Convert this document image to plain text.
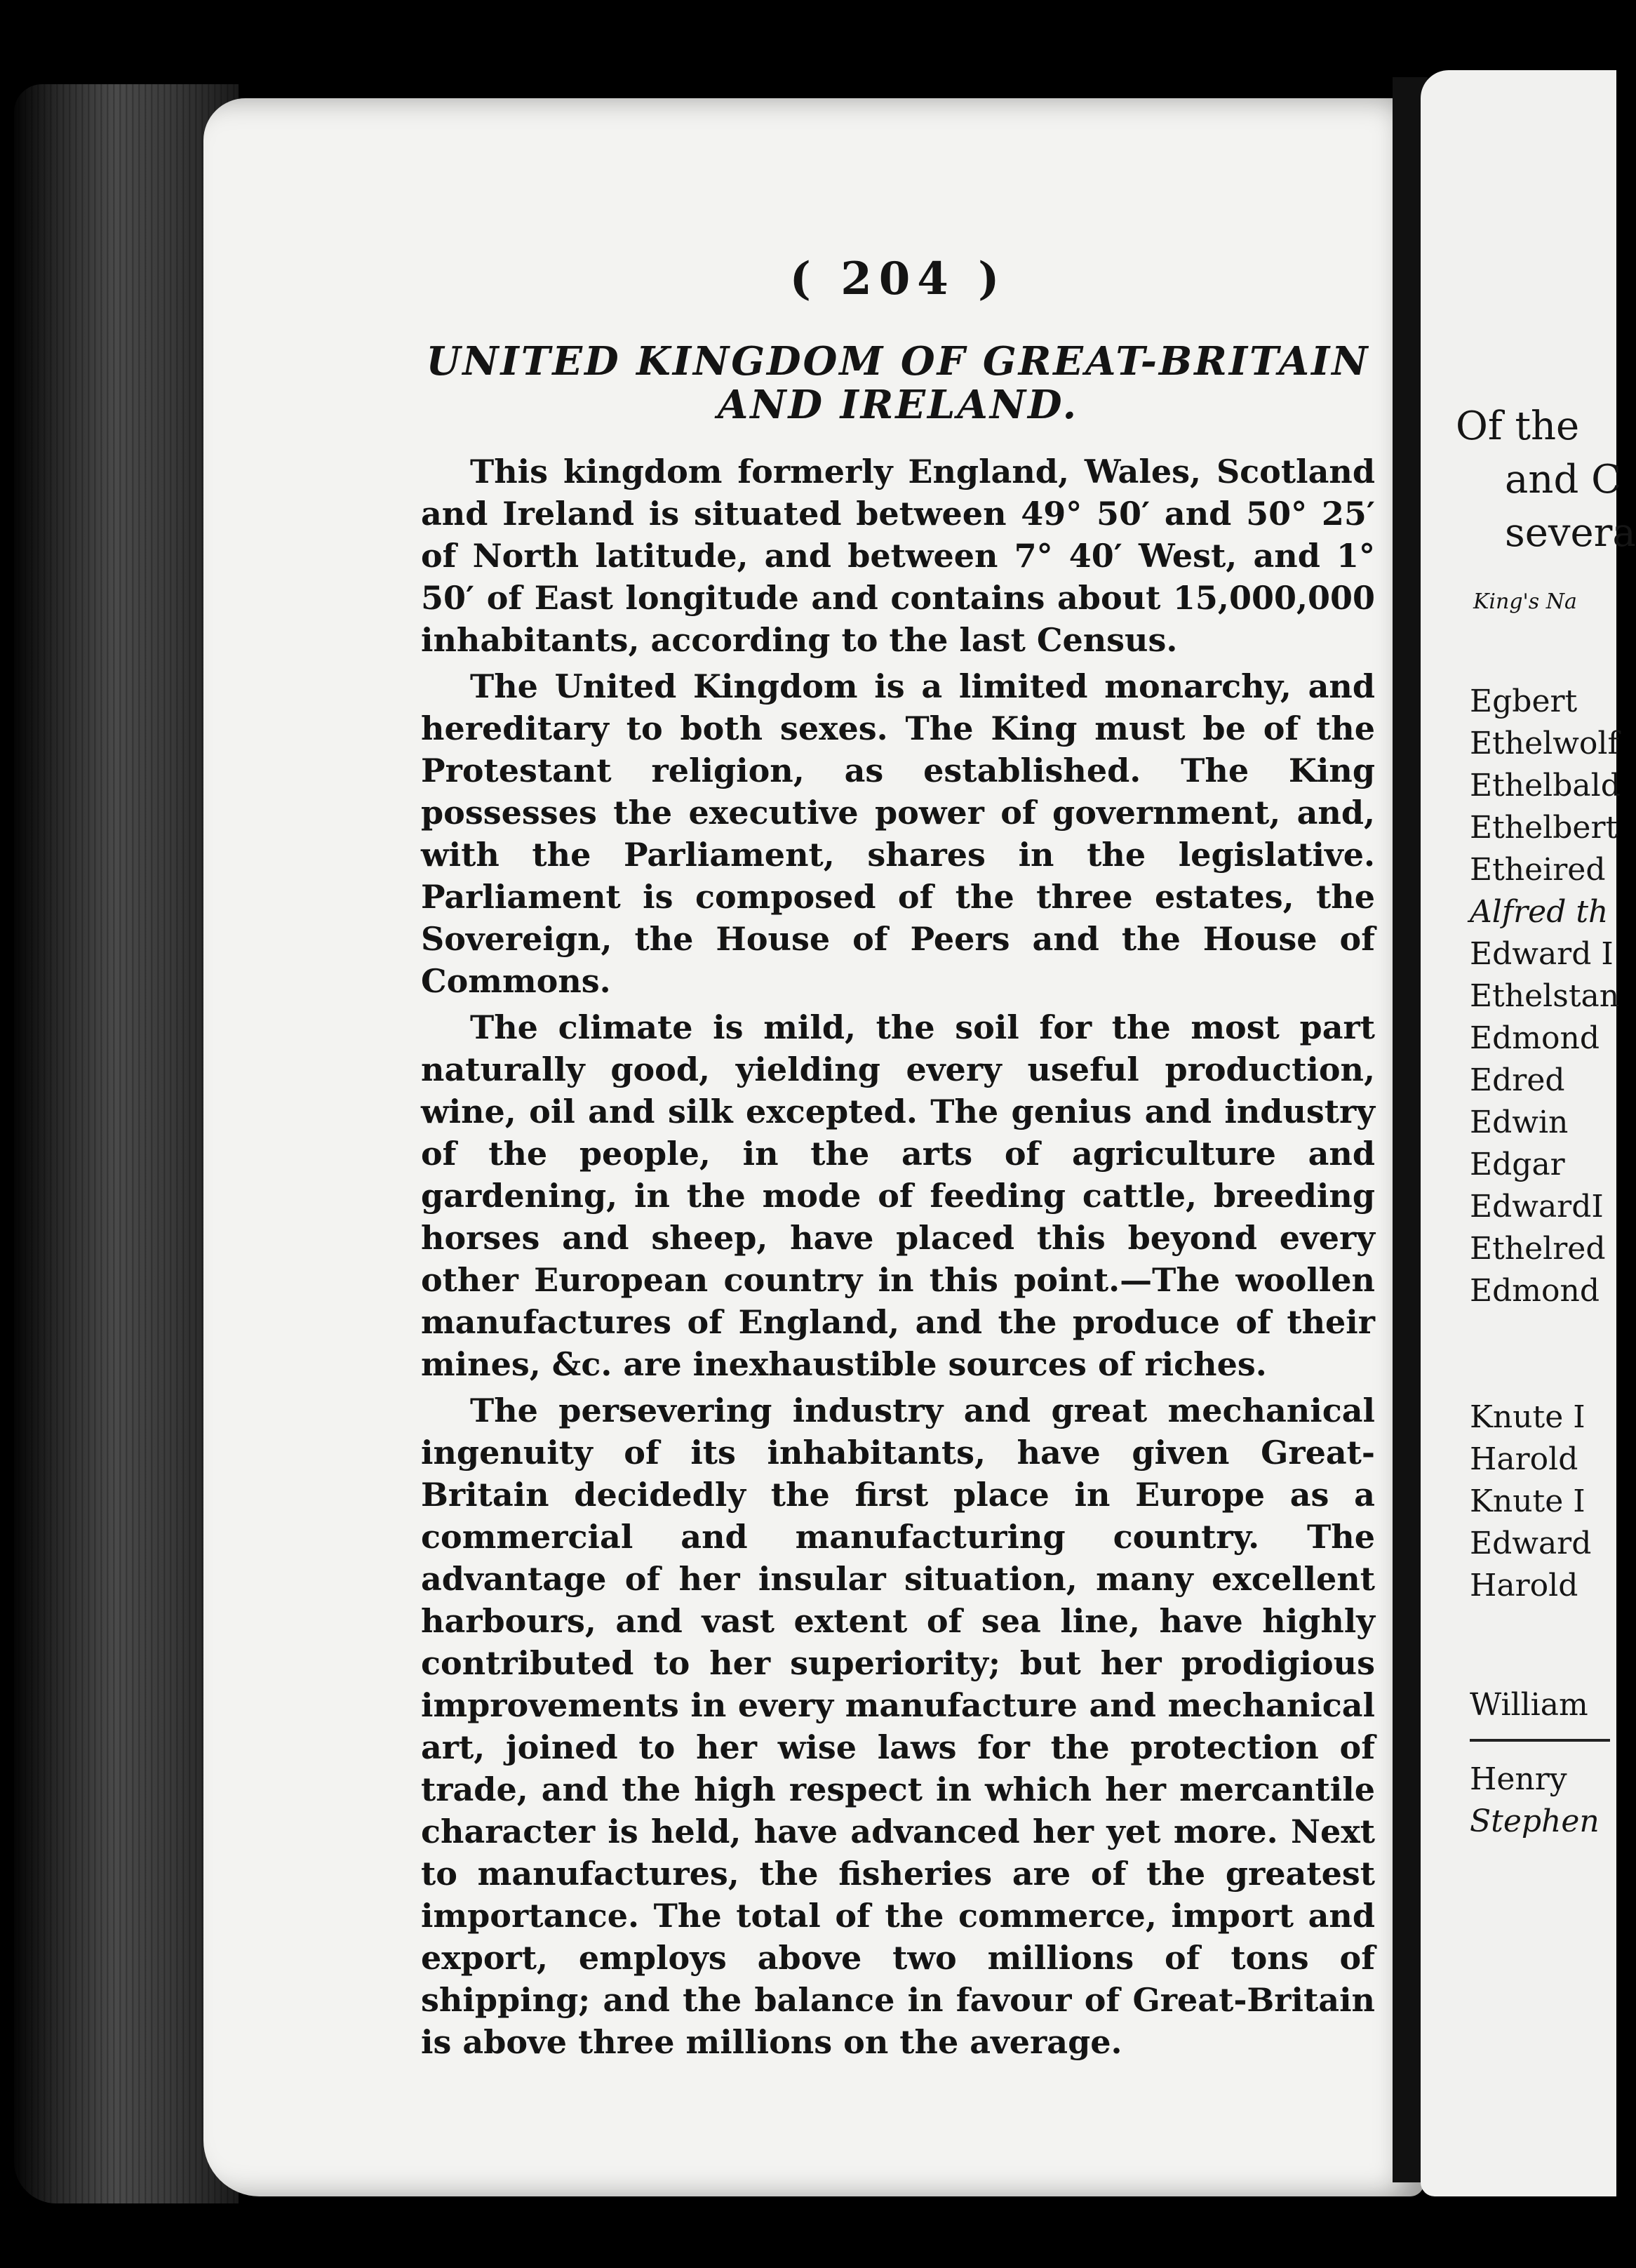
( 204 )
UNITED KINGDOM OF GREAT-BRITAIN
AND IRELAND.

This kingdom formerly England, Wales, Scotland and Ireland is situated between 49° 50′ and 50° 25′ of North latitude, and between 7° 40′ West, and 1° 50′ of East longitude and contains about 15,000,000 inhabitants, according to the last Census.

The United Kingdom is a limited monarchy, and hereditary to both sexes. The King must be of the Protestant religion, as established. The King possesses the executive power of government, and, with the Parliament, shares in the legislative. Parliament is composed of the three estates, the Sovereign, the House of Peers and the House of Commons.

The climate is mild, the soil for the most part naturally good, yielding every useful production, wine, oil and silk excepted. The genius and industry of the people, in the arts of agriculture and gardening, in the mode of feeding cattle, breeding horses and sheep, have placed this beyond every other European country in this point.—The woollen manufactures of England, and the produce of their mines, &c. are inexhaustible sources of riches.

The persevering industry and great mechanical ingenuity of its inhabitants, have given Great-Britain decidedly the first place in Europe as a commercial and manufacturing country. The advantage of her insular situation, many excellent harbours, and vast extent of sea line, have highly contributed to her superiority; but her prodigious improvements in every manufacture and mechanical art, joined to her wise laws for the protection of trade, and the high respect in which her mercantile character is held, have advanced her yet more. Next to manufactures, the fisheries are of the greatest importance. The total of the commerce, import and export, employs above two millions of tons of shipping; and the balance in favour of Great-Britain is above three millions on the average.

Of the
and C
severa
King's Na
Egbert
Ethelwolf
Ethelbald
Ethelbert
Etheired
Alfred th
Edward I
Ethelstan
Edmond
Edred
Edwin
Edgar
EdwardI
Ethelred
Edmond
Knute I
Harold
Knute I
Edward
Harold
William
Henry
Stephen
